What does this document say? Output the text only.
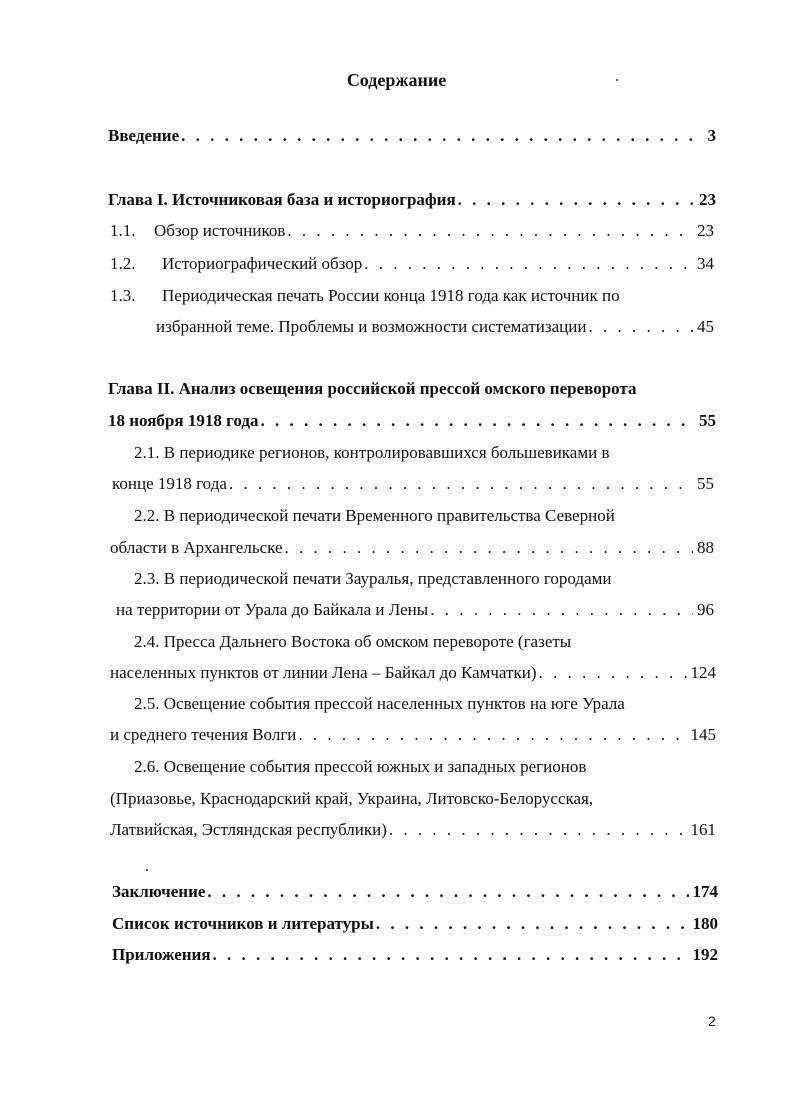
Содержание
Введение . . .	3
Глава I. Источниковая база и историография . . .	23
1.1.	Обзор источников . . .	23
1.2.	Историографический обзор . . .	34
1.3.	Периодическая печать России конца 1918 года как источник по
избранной теме. Проблемы и возможности систематизации . . .	45
Глава II. Анализ освещения российской прессой омского переворота
18 ноября 1918 года . . .	55
2.1. В периодике регионов, контролировавшихся большевиками в
конце 1918 года . . .	55
2.2. В периодической печати Временного правительства Северной
области в Архангельске . . .	88
2.3. В периодической печати Зауралья, представленного городами
на территории от Урала до Байкала и Лены . . .	96
2.4. Пресса Дальнего Востока об омском перевороте (газеты
населенных пунктов от линии Лена – Байкал до Камчатки) . . .	124
2.5. Освещение события прессой населенных пунктов на юге Урала
и среднего течения Волги . . .	145
2.6. Освещение события прессой южных и западных регионов
(Приазовье, Краснодарский край, Украина, Литовско-Белорусская,
Латвийская, Эстляндская республики) . . .	161
Заключение . . .	174
Список источников и литературы . . .	180
Приложения . . .	192
2
